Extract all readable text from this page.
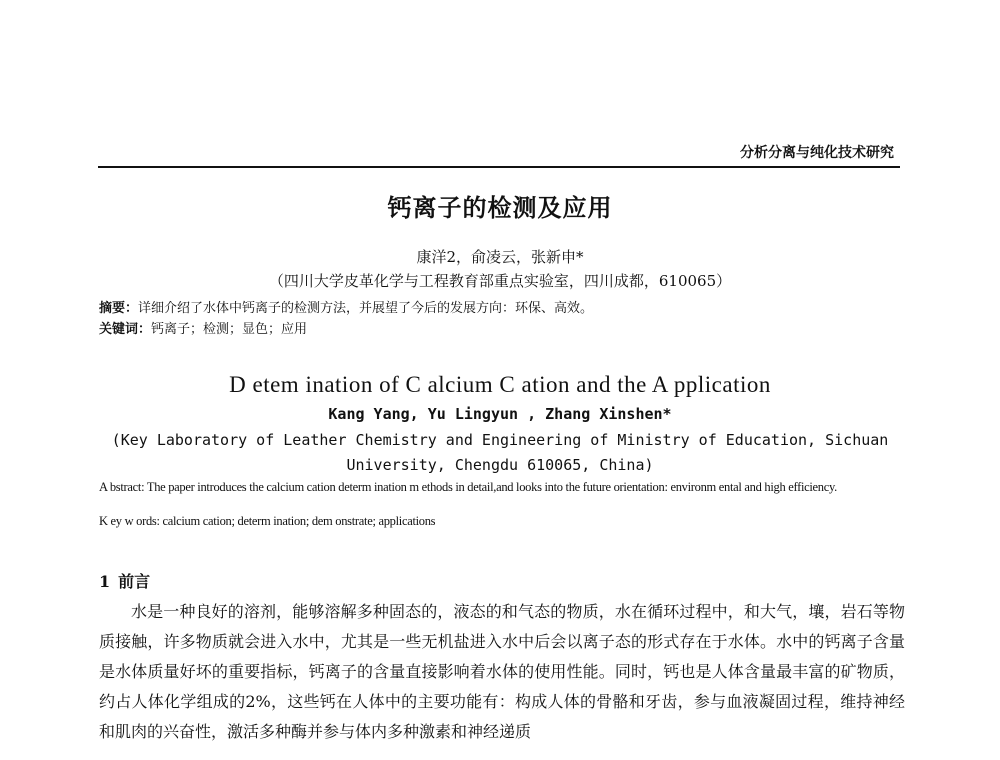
分析分离与纯化技术研究
钙离子的检测及应用
康洋2，俞凌云，张新申*
（四川大学皮革化学与工程教育部重点实验室，四川成都，610065）
摘要：详细介绍了水体中钙离子的检测方法，并展望了今后的发展方向：环保、高效。
关键词：钙离子；检测；显色；应用
D etem ination of C alcium C ation and the A pplication
Kang Yang, Yu Lingyun , Zhang Xinshen*
(Key Laboratory of Leather Chemistry and Engineering of Ministry of Education, Sichuan University, Chengdu 610065, China)
A bstract: The paper introduces the calcium cation determ ination m ethods in detail,and looks into the future orientation: environm ental and high efficiency.
K ey w ords: calcium cation; determ ination; dem onstrate; applications
1 前言

水是一种良好的溶剂，能够溶解多种固态的，液态的和气态的物质，水在循环过程中，和大气，壤，岩石等物质接触，许多物质就会进入水中，尤其是一些无机盐进入水中后会以离子态的形式存在于水体。水中的钙离子含量是水体质量好坏的重要指标，钙离子的含量直接影响着水体的使用性能。同时，钙也是人体含量最丰富的矿物质，约占人体化学组成的2%，这些钙在人体中的主要功能有：构成人体的骨骼和牙齿，参与血液凝固过程，维持神经和肌肉的兴奋性，激活多种酶并参与体内多种激素和神经递质
